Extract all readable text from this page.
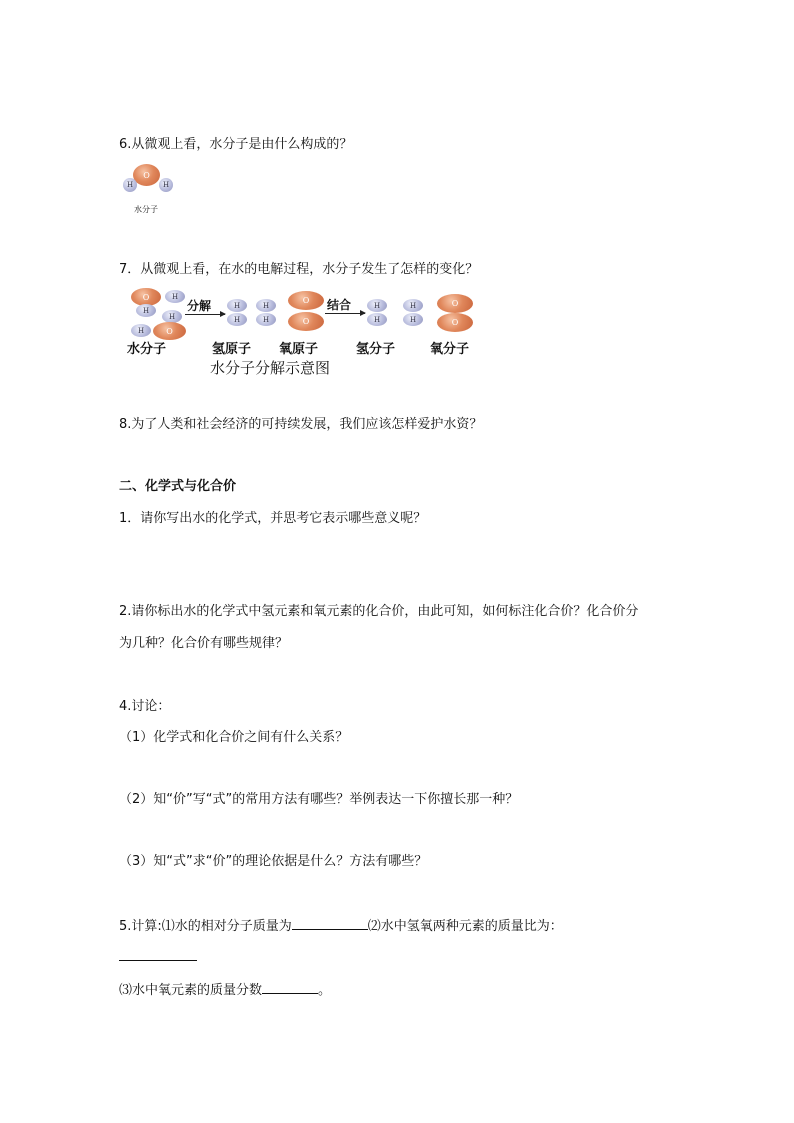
6.从微观上看，水分子是由什么构成的？
O
H	H
水分子
7．从微观上看，在水的电解过程，水分子发生了怎样的变化？
O	H
H
H
H	O
分解	H	H
H	H
O
O
结合	H
H
H
H
O
O
水分子	氢原子 氧原子	氢分子	氧分子
水分子分解示意图
8.为了人类和社会经济的可持续发展，我们应该怎样爱护水资？
二、化学式与化合价
1．请你写出水的化学式，并思考它表示哪些意义呢？
2.请你标出水的化学式中氢元素和氧元素的化合价，由此可知，如何标注化合价？化合价分
为几种？化合价有哪些规律？
4.讨论：
（1）化学式和化合价之间有什么关系？
（2）知“价”写“式”的常用方法有哪些？举例表达一下你擅长那一种？
（3）知“式”求“价”的理论依据是什么？方法有哪些？
5.计算:⑴水的相对分子质量为	⑵水中氢氧两种元素的质量比为：
⑶水中氧元素的质量分数	。
